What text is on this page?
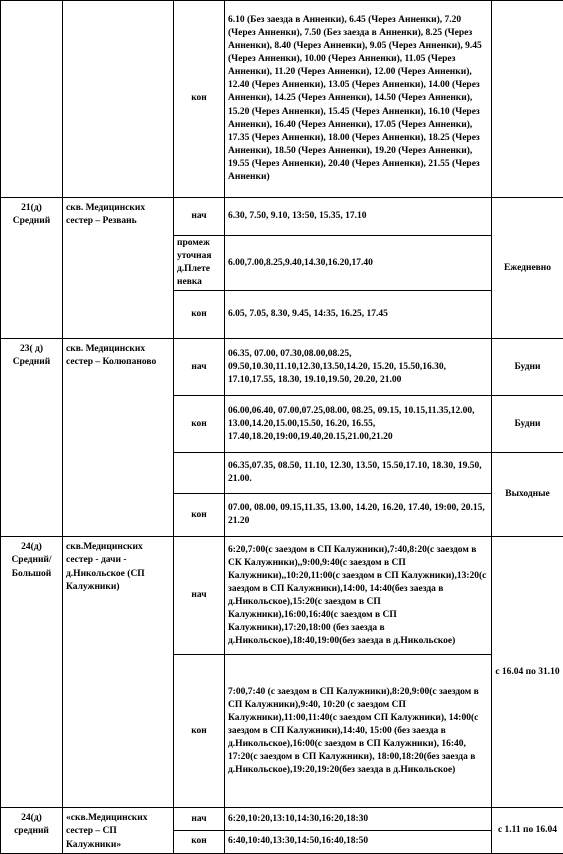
		кон	6.10 (Без заезда в Анненки), 6.45 (Через Анненки), 7.20 (Через Анненки), 7.50 (Без заезда в Анненки), 8.25 (Через Анненки), 8.40 (Через Анненки), 9.05 (Через Анненки), 9.45 (Через Анненки), 10.00 (Через Анненки), 11.05 (Через Анненки), 11.20 (Через Анненки), 12.00 (Через Анненки), 12.40 (Через Анненки), 13.05 (Через Анненки), 14.00 (Через Анненки), 14.25 (Через Анненки), 14.50 (Через Анненки), 15.20 (Через Анненки), 15.45 (Через Анненки), 16.10 (Через Анненки), 16.40 (Через Анненки), 17.05 (Через Анненки), 17.35 (Через Анненки), 18.00 (Через Анненки), 18.25 (Через Анненки), 18.50 (Через Анненки), 19.20 (Через Анненки), 19.55 (Через Анненки), 20.40 (Через Анненки), 21.55 (Через Анненки)	

21(д)
Средний	скв. Медицинских сестер – Резвань	нач	6.30, 7.50, 9.10, 13:50, 15.35, 17.10	Ежедневно
		промеж уточная д.Плете невка	6.00,7.00,8.25,9.40,14.30,16.20,17.40	
		кон	6.05, 7.05, 8.30, 9.45, 14:35, 16.25, 17.45	

23( д)
Средний	скв. Медицинских сестер – Колюпаново	нач	06.35, 07.00, 07.30,08.00,08.25, 09.50,10.30,11.10,12.30,13.50,14.20, 15.20, 15.50,16.30, 17.10,17.55, 18.30, 19.10,19.50, 20.20, 21.00	Будни
		кон	06.00,06.40, 07.00,07.25,08.00, 08.25, 09.15, 10.15,11.35,12.00, 13.00,14.20,15.00,15.50, 16.20, 16.55, 17.40,18.20,19:00,19.40,20.15,21.00,21.20	Будни
			06.35,07.35, 08.50, 11.10, 12.30, 13.50, 15.50,17.10, 18.30, 19.50, 21.00.	Выходные
		кон	07.00, 08.00, 09.15,11.35, 13.00, 14.20, 16.20, 17.40, 19:00, 20.15, 21.20	

24(д)
Средний/ Большой	скв.Медицинских сестер - дачи - д.Никольское (СП Калужники)	нач	6:20,7:00(с заездом в СП Калужники),7:40,8:20(с заездом в СК Калужники),,9:00,9:40(с заездом в СП Калужники),,10:20,11:00(с заездом в СП Калужники),13:20(с заездом в СП Калужники),14:00, 14:40(без заезда в д.Никольское),15:20(с заездом в СП Калужники),16:00,16:40(с заездом в СП Калужники),17:20,18:00 (без заезда в д.Никольское),18:40,19:00(без заезда в д.Никольское)	с 16.04 по 31.10
		кон	7:00,7:40 (с заездом в СП Калужники),8:20,9:00(с заездом в СП Калужники),9:40, 10:20 (с заездом СП Калужники),11:00,11:40(с заездом СП Калужники), 14:00(с заездом в СП Калужники),14:40, 15:00 (без заезда в д.Никольское),16:00(с заездом в СП Калужники), 16:40, 17:20(с заездом в СП Калужники), 18:00,18:20(без заезда в д.Никольское),19:20,19:20(без заезда в д.Никольское)	

24(д)
средний	«скв.Медицинских сестер – СП Калужники»	нач	6:20,10:20,13:10,14:30,16:20,18:30	с 1.11 по 16.04
		кон	6:40,10:40,13:30,14:50,16:40,18:50	
